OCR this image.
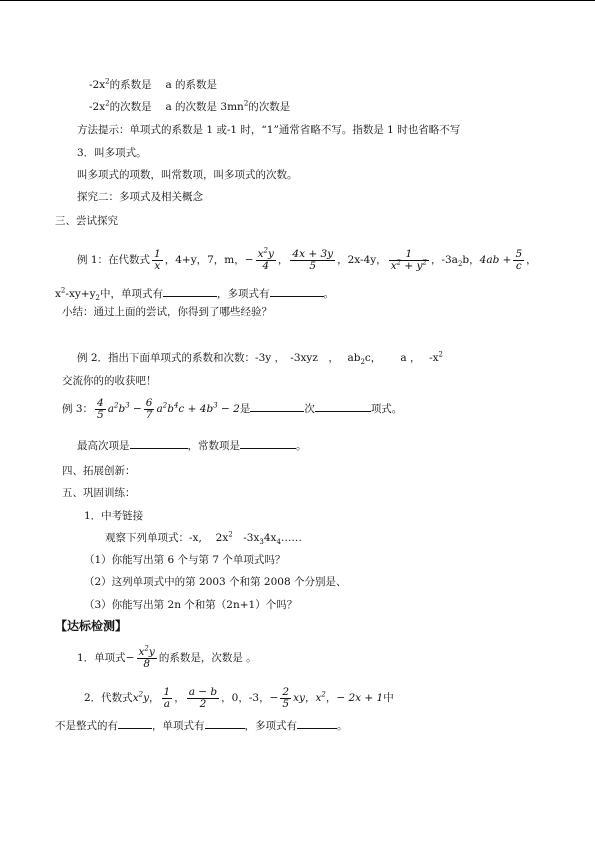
$-2x^2$的系数是　 a 的系数是
$-2x^2$的次数是　 a 的次数是 $3mn^2$的次数是
方法提示：单项式的系数是 1 或-1 时，“1”通常省略不写。指数是 1 时也省略不写
3．叫多项式。
叫多项式的项数，叫常数项，叫多项式的次数。
探究二：多项式及相关概念
三、尝试探究
例 1：在代数式 $\frac{1}{x}$ ，4+y，7，m，− $\frac{x^2y}{4}$ ， $\frac{4x + 3y}{5}$ ，2x-4y， $\frac{1}{x^2 + y^2}$ ，$-3a_2b$，$4ab + \frac{5}{c}$ ，
$x^2-xy+y_2$中，单项式有	，多项式有	。
小结：通过上面的尝试，你得到了哪些经验？
例 2．指出下面单项式的系数和次数：-3y ，　-3xyz　，　 $ab_2c$，　　 a ，　 $-x^2$
交流你的的收获吧！
例 3： $\frac{4}{5} a^2b^3 - \frac{6}{7} a^2b^4c + 4b^3 - 2$是	次	项式。
最高次项是	，常数项是	。
四、拓展创新：
五、巩固训练：
1．中考链接
观察下列单项式：-x,　 $2x^2$　$-3x_34x_4\dots\dots$
（1）你能写出第 6 个与第 7 个单项式吗？
（2）这列单项式中的第 2003 个和第 2008 个分别是、
（3）你能写出第 2n 个和第（2n+1）个吗？
【达标检测】
1．单项式− $\frac{x^2y}{8}$ 的系数是，次数是 。
2．代数式$x^2y$， $\frac{1}{a}$ ， $\frac{a - b}{2}$ ，0，-3，− $\frac{2}{5}$ xy，$x^2$，− 2x + 1中
不是整式的有	，单项式有	，多项式有	。
